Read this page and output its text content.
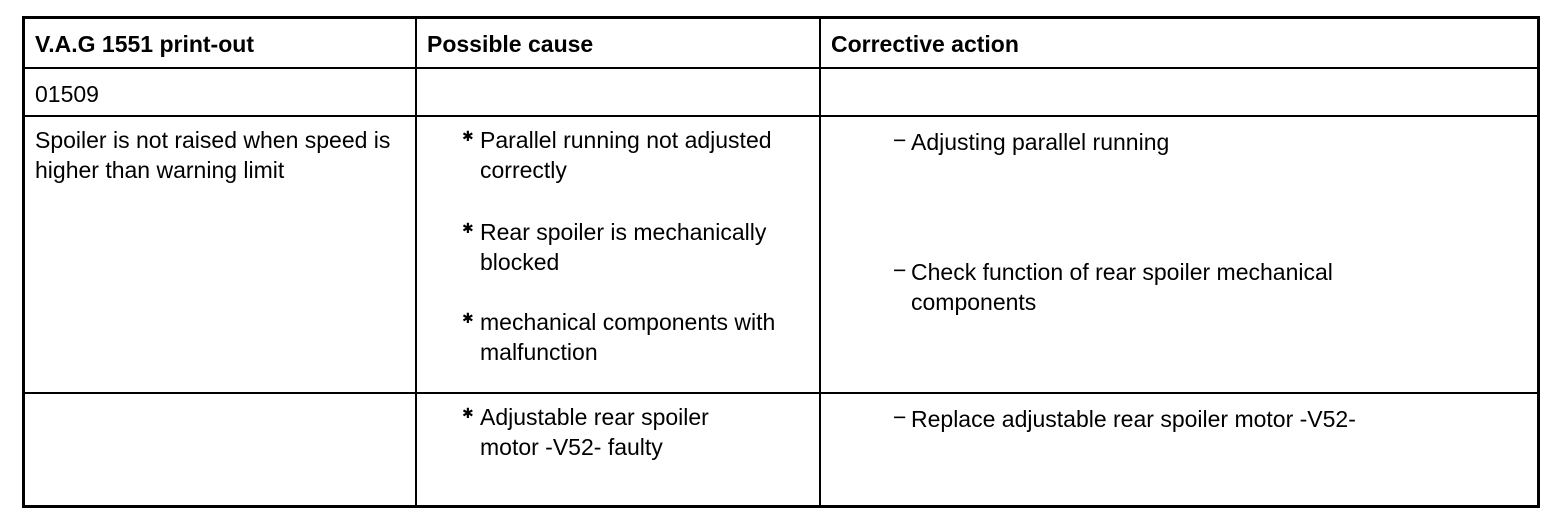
V.A.G 1551 print-out	Possible cause	Corrective action
01509
Spoiler is not raised when speed is higher than warning limit
✱ Parallel running not adjusted correctly
✱ Rear spoiler is mechanically blocked
✱ mechanical components with malfunction
− Adjusting parallel running
− Check function of rear spoiler mechanical components
✱ Adjustable rear spoiler motor -V52- faulty
− Replace adjustable rear spoiler motor -V52-
